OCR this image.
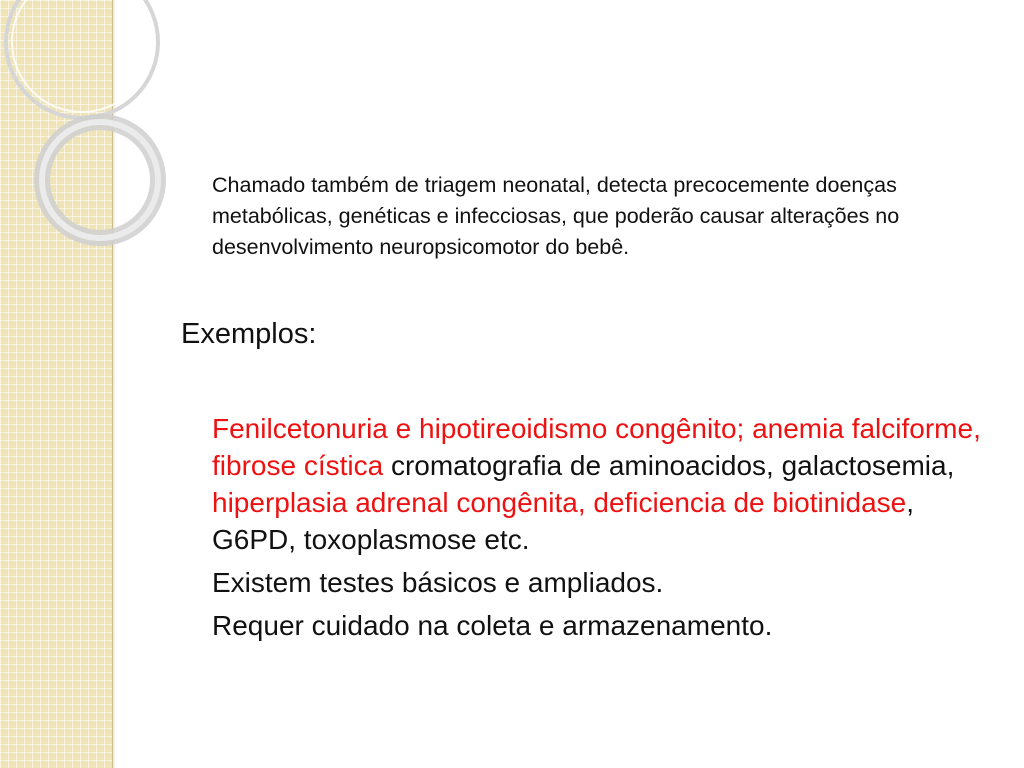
Chamado também de triagem neonatal, detecta precocemente doenças metabólicas, genéticas e infecciosas, que poderão causar alterações no desenvolvimento neuropsicomotor do bebê.

Exemplos:

Fenilcetonuria e hipotireoidismo congênito; anemia falciforme, fibrose cística cromatografia de aminoacidos, galactosemia, hiperplasia adrenal congênita, deficiencia de biotinidase, G6PD, toxoplasmose etc.

Existem testes básicos e ampliados.

Requer cuidado na coleta e armazenamento.
